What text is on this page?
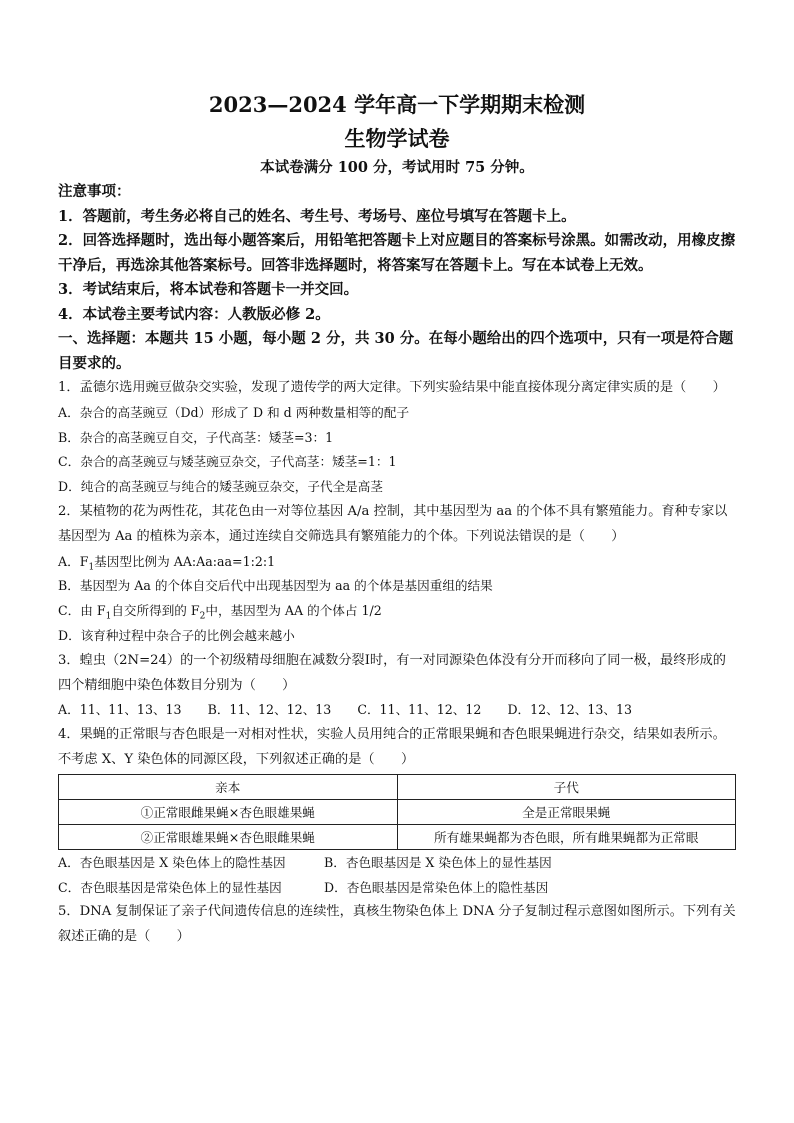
2023—2024 学年高一下学期期末检测
生物学试卷
本试卷满分 100 分，考试用时 75 分钟。
注意事项：
1．答题前，考生务必将自己的姓名、考生号、考场号、座位号填写在答题卡上。
2．回答选择题时，选出每小题答案后，用铅笔把答题卡上对应题目的答案标号涂黑。如需改动，用橡皮擦干净后，再选涂其他答案标号。回答非选择题时，将答案写在答题卡上。写在本试卷上无效。
3．考试结束后，将本试卷和答题卡一并交回。
4．本试卷主要考试内容：人教版必修 2。
一、选择题：本题共 15 小题，每小题 2 分，共 30 分。在每小题给出的四个选项中，只有一项是符合题目要求的。
1．孟德尔选用豌豆做杂交实验，发现了遗传学的两大定律。下列实验结果中能直接体现分离定律实质的是（　　）
A．杂合的高茎豌豆（Dd）形成了 D 和 d 两种数量相等的配子
B．杂合的高茎豌豆自交，子代高茎：矮茎=3：1
C．杂合的高茎豌豆与矮茎豌豆杂交，子代高茎：矮茎=1：1
D．纯合的高茎豌豆与纯合的矮茎豌豆杂交，子代全是高茎
2．某植物的花为两性花，其花色由一对等位基因 A/a 控制，其中基因型为 aa 的个体不具有繁殖能力。育种专家以基因型为 Aa 的植株为亲本，通过连续自交筛选具有繁殖能力的个体。下列说法错误的是（　　）
A．$F_1$基因型比例为 AA:Aa:aa=1:2:1
B．基因型为 Aa 的个体自交后代中出现基因型为 aa 的个体是基因重组的结果
C．由 $F_1$自交所得到的 $F_2$中，基因型为 AA 的个体占 1/2
D．该育种过程中杂合子的比例会越来越小
3．蝗虫（2N=24）的一个初级精母细胞在减数分裂Ⅰ时，有一对同源染色体没有分开而移向了同一极，最终形成的四个精细胞中染色体数目分别为（　　）
A．11、11、13、13 B．11、12、12、13 C．11、11、12、12 D．12、12、13、13
4．果蝇的正常眼与杏色眼是一对相对性状，实验人员用纯合的正常眼果蝇和杏色眼果蝇进行杂交，结果如表所示。不考虑 X、Y 染色体的同源区段，下列叙述正确的是（　　）
亲本	子代
①正常眼雌果蝇×杏色眼雄果蝇	全是正常眼果蝇
②正常眼雄果蝇×杏色眼雌果蝇	所有雄果蝇都为杏色眼，所有雌果蝇都为正常眼
A．杏色眼基因是 X 染色体上的隐性基因	B．杏色眼基因是 X 染色体上的显性基因
C．杏色眼基因是常染色体上的显性基因	D．杏色眼基因是常染色体上的隐性基因
5．DNA 复制保证了亲子代间遗传信息的连续性，真核生物染色体上 DNA 分子复制过程示意图如图所示。下列有关叙述正确的是（　　）
